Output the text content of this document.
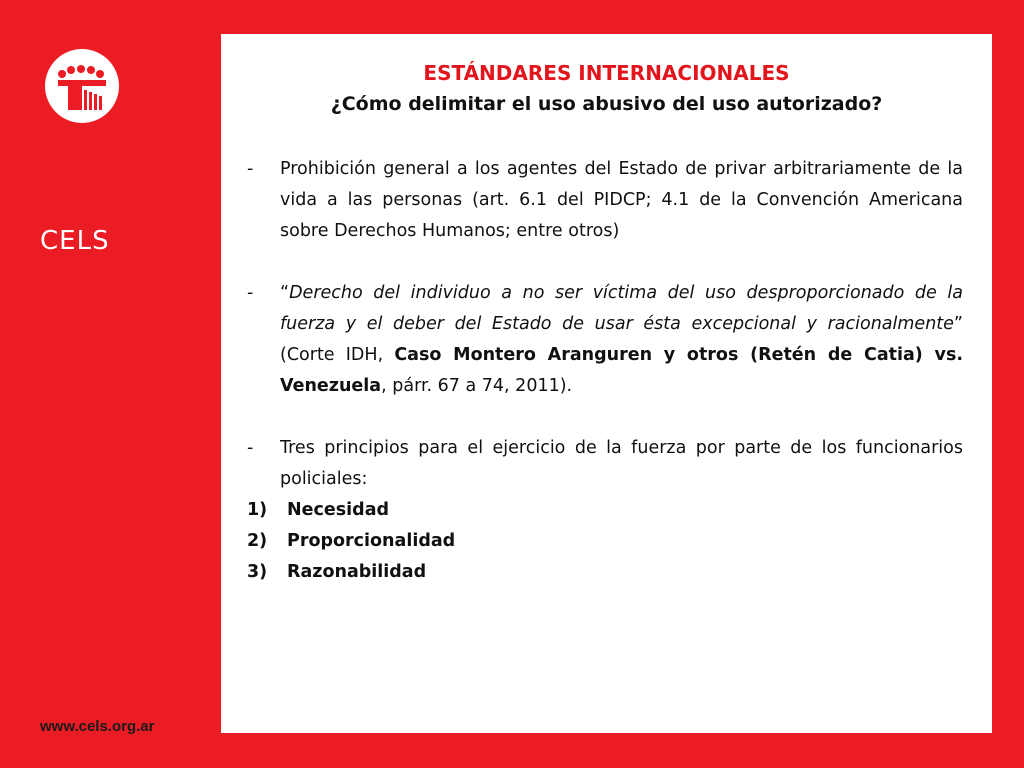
CELS
www.cels.org.ar
ESTÁNDARES INTERNACIONALES
¿Cómo delimitar el uso abusivo del uso autorizado?
-	Prohibición general a los agentes del Estado de privar arbitrariamente de la vida a las personas (art. 6.1 del PIDCP; 4.1 de la Convención Americana sobre Derechos Humanos; entre otros)
-	“Derecho del individuo a no ser víctima del uso desproporcionado de la fuerza y el deber del Estado de usar ésta excepcional y racionalmente” (Corte IDH, Caso Montero Aranguren y otros (Retén de Catia) vs. Venezuela, párr. 67 a 74, 2011).
-	Tres principios para el ejercicio de la fuerza por parte de los funcionarios policiales:
1)	Necesidad
2)	Proporcionalidad
3)	Razonabilidad
